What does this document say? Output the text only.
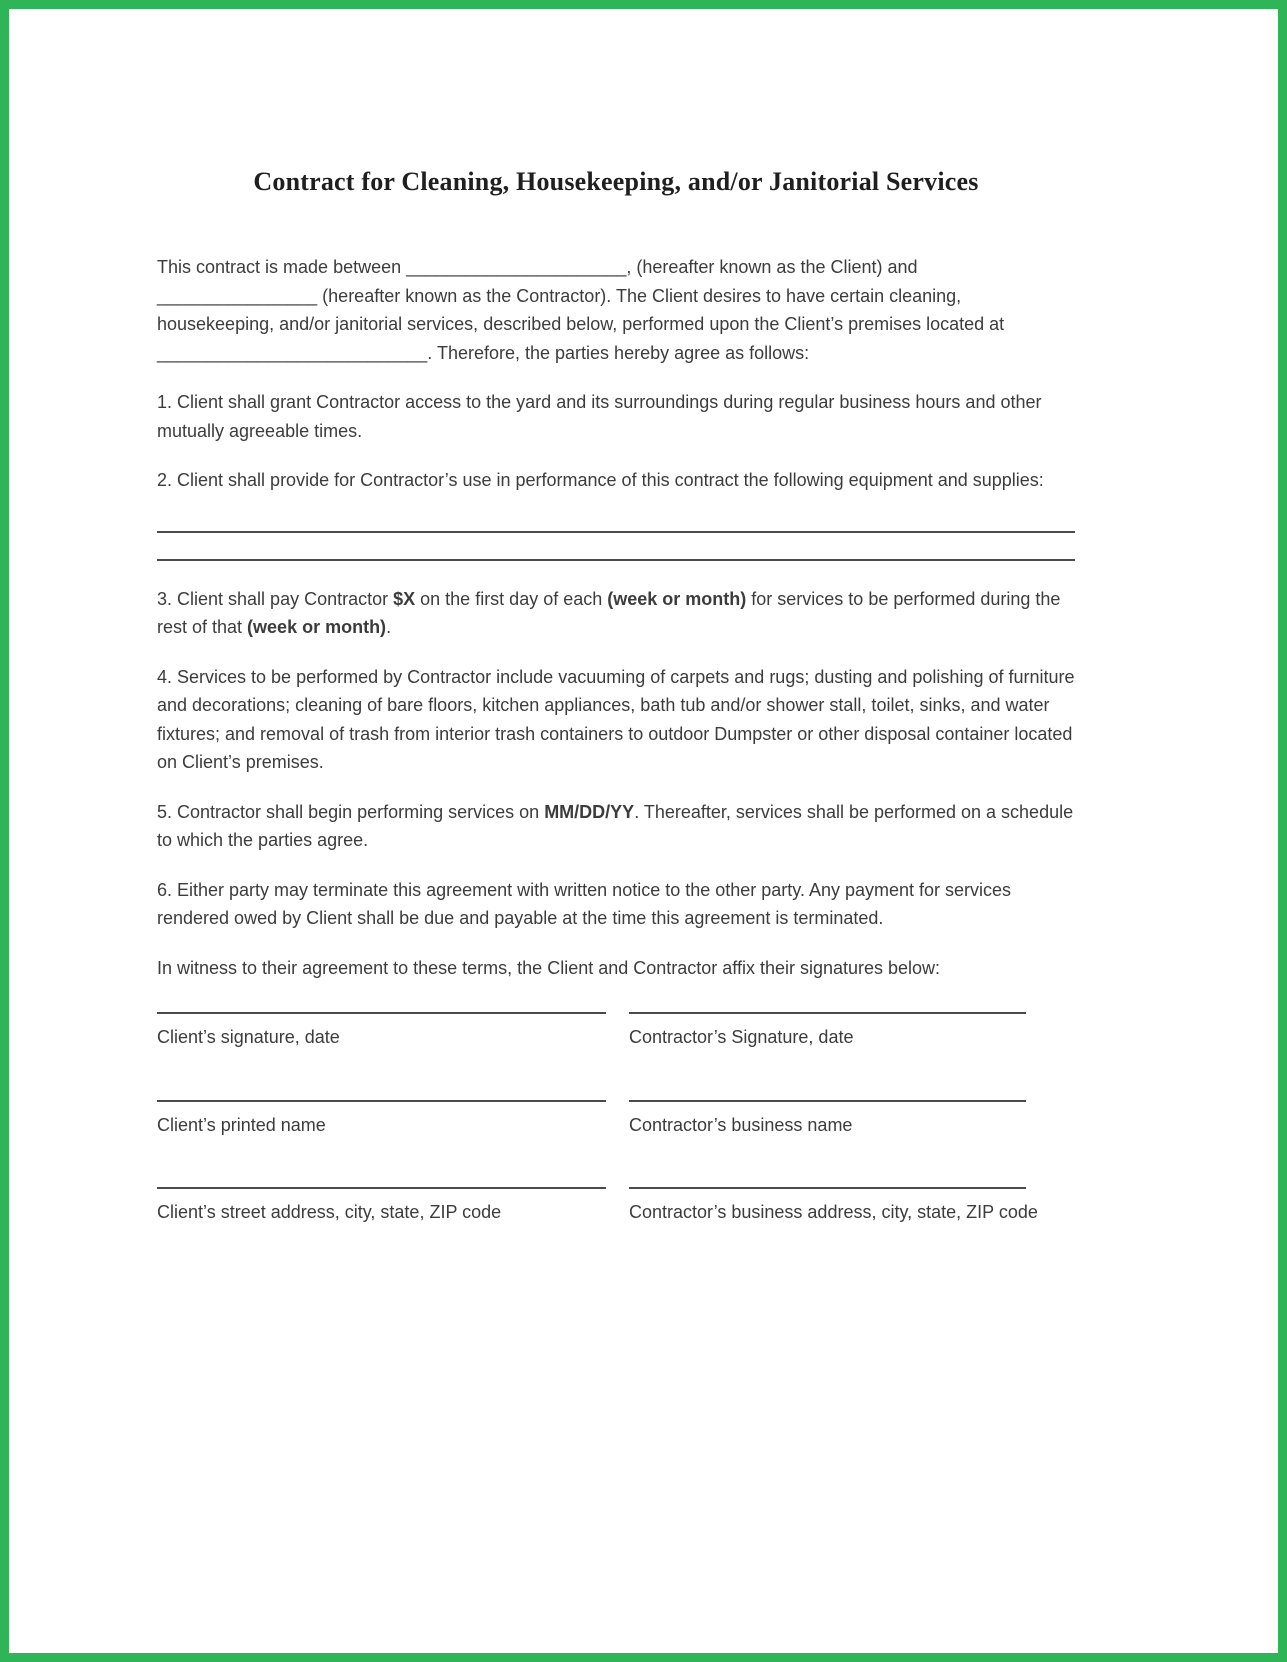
Contract for Cleaning, Housekeeping, and/or Janitorial Services

This contract is made between ______________________, (hereafter known as the Client) and ________________ (hereafter known as the Contractor). The Client desires to have certain cleaning, housekeeping, and/or janitorial services, described below, performed upon the Client’s premises located at ___________________________. Therefore, the parties hereby agree as follows:

1. Client shall grant Contractor access to the yard and its surroundings during regular business hours and other mutually agreeable times.

2. Client shall provide for Contractor’s use in performance of this contract the following equipment and supplies:

3. Client shall pay Contractor $X on the first day of each (week or month) for services to be performed during the rest of that (week or month).

4. Services to be performed by Contractor include vacuuming of carpets and rugs; dusting and polishing of furniture and decorations; cleaning of bare floors, kitchen appliances, bath tub and/or shower stall, toilet, sinks, and water fixtures; and removal of trash from interior trash containers to outdoor Dumpster or other disposal container located on Client’s premises.

5. Contractor shall begin performing services on MM/DD/YY. Thereafter, services shall be performed on a schedule to which the parties agree.

6. Either party may terminate this agreement with written notice to the other party. Any payment for services rendered owed by Client shall be due and payable at the time this agreement is terminated.

In witness to their agreement to these terms, the Client and Contractor affix their signatures below:

Client’s signature, date	Contractor’s Signature, date
Client’s printed name	Contractor’s business name
Client’s street address, city, state, ZIP code	Contractor’s business address, city, state, ZIP code
